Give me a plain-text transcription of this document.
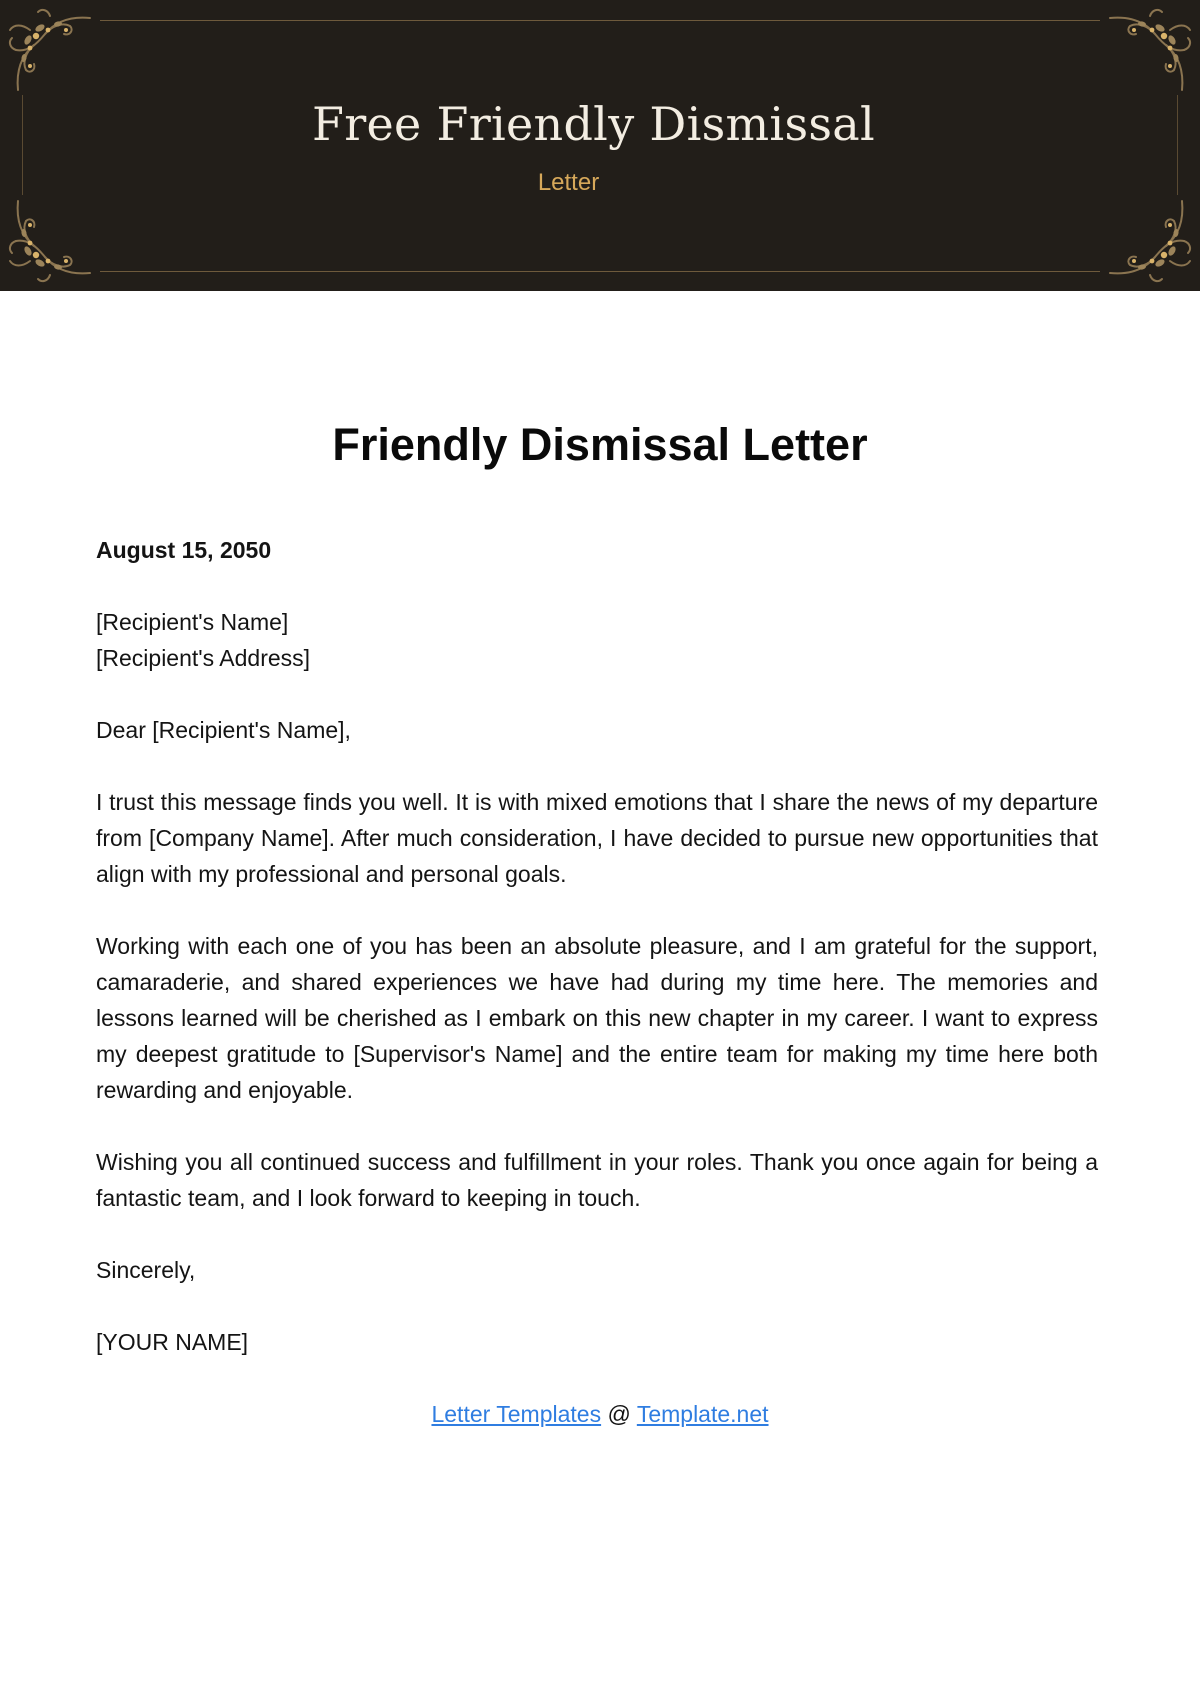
Free Friendly Dismissal
Letter
Friendly Dismissal Letter

August 15, 2050

[Recipient's Name]
[Recipient's Address]

Dear [Recipient's Name],

I trust this message finds you well. It is with mixed emotions that I share the news of my departure from [Company Name]. After much consideration, I have decided to pursue new opportunities that align with my professional and personal goals.

Working with each one of you has been an absolute pleasure, and I am grateful for the support, camaraderie, and shared experiences we have had during my time here. The memories and lessons learned will be cherished as I embark on this new chapter in my career. I want to express my deepest gratitude to [Supervisor's Name] and the entire team for making my time here both rewarding and enjoyable.

Wishing you all continued success and fulfillment in your roles. Thank you once again for being a fantastic team, and I look forward to keeping in touch.

Sincerely,

[YOUR NAME]

Letter Templates @ Template.net
